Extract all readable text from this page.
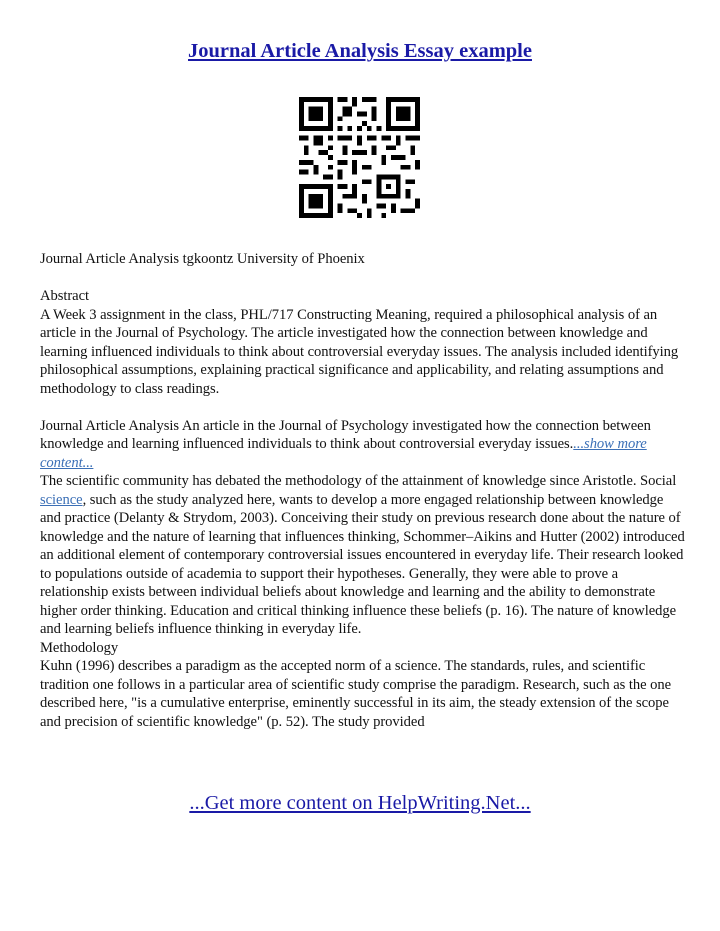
Journal Article Analysis Essay example

Journal Article Analysis tgkoontz University of Phoenix

Abstract

A Week 3 assignment in the class, PHL/717 Constructing Meaning, required a philosophical analysis of an article in the Journal of Psychology. The article investigated how the connection between knowledge and learning influenced individuals to think about controversial everyday issues. The analysis included identifying philosophical assumptions, explaining practical significance and applicability, and relating assumptions and methodology to class readings.

Journal Article Analysis An article in the Journal of Psychology investigated how the connection between knowledge and learning influenced individuals to think about controversial everyday issues....show more content...

The scientific community has debated the methodology of the attainment of knowledge since Aristotle. Social science, such as the study analyzed here, wants to develop a more engaged relationship between knowledge and practice (Delanty & Strydom, 2003). Conceiving their study on previous research done about the nature of knowledge and the nature of learning that influences thinking, Schommer–Aikins and Hutter (2002) introduced an additional element of contemporary controversial issues encountered in everyday life. Their research looked to populations outside of academia to support their hypotheses. Generally, they were able to prove a relationship exists between individual beliefs about knowledge and learning and the ability to demonstrate higher order thinking. Education and critical thinking influence these beliefs (p. 16). The nature of knowledge and learning beliefs influence thinking in everyday life.

Methodology

Kuhn (1996) describes a paradigm as the accepted norm of a science. The standards, rules, and scientific tradition one follows in a particular area of scientific study comprise the paradigm. Research, such as the one described here, "is a cumulative enterprise, eminently successful in its aim, the steady extension of the scope and precision of scientific knowledge" (p. 52). The study provided

...Get more content on HelpWriting.Net...
